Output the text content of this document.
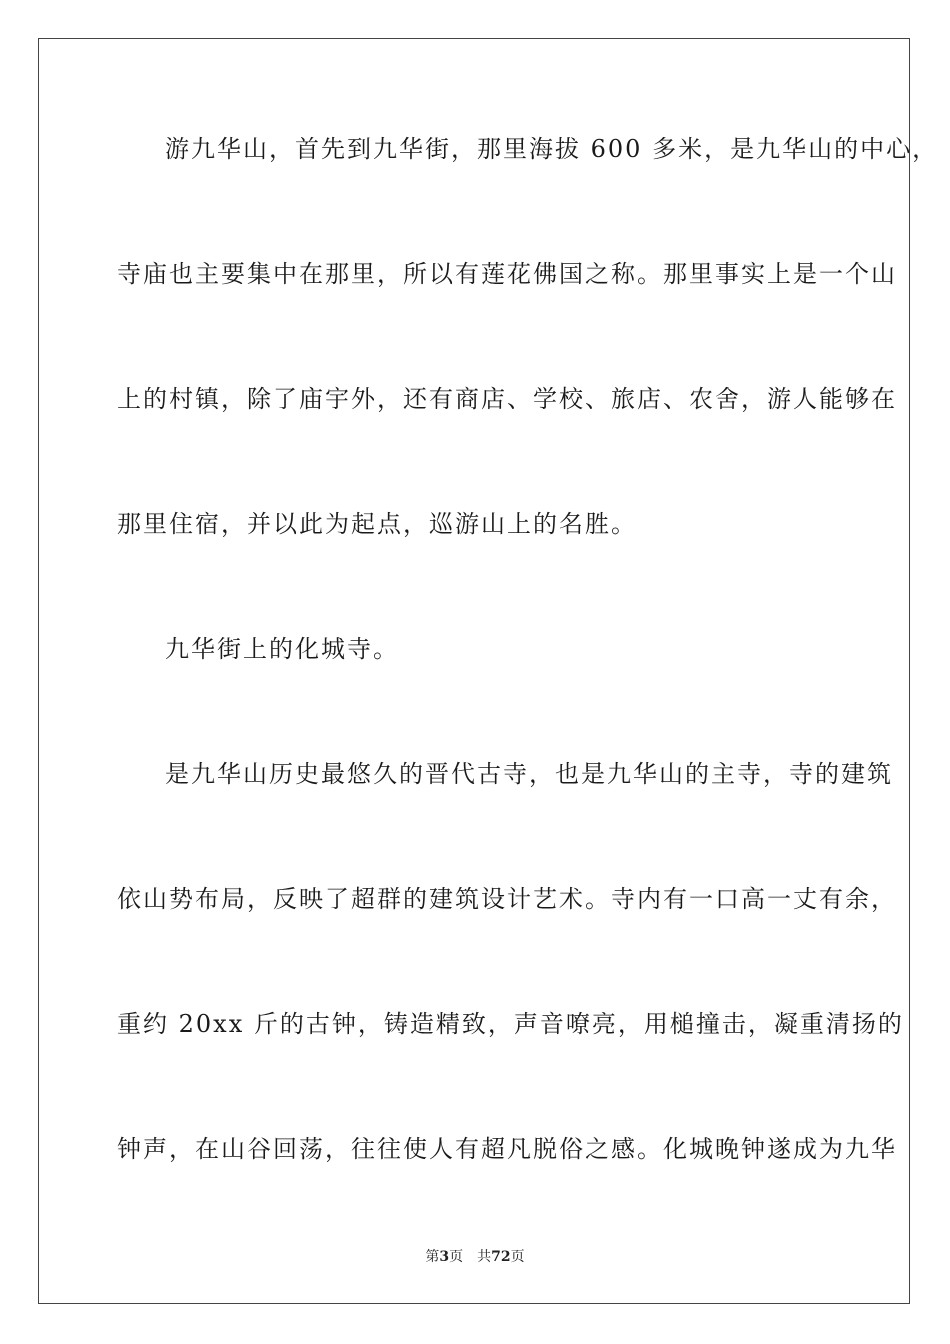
游九华山，首先到九华街，那里海拔 600 多米，是九华山的中心，
寺庙也主要集中在那里，所以有莲花佛国之称。那里事实上是一个山
上的村镇，除了庙宇外，还有商店、学校、旅店、农舍，游人能够在
那里住宿，并以此为起点，巡游山上的名胜。
九华街上的化城寺。
是九华山历史最悠久的晋代古寺，也是九华山的主寺，寺的建筑
依山势布局，反映了超群的建筑设计艺术。寺内有一口高一丈有余，
重约 20xx 斤的古钟，铸造精致，声音嘹亮，用槌撞击，凝重清扬的
钟声，在山谷回荡，往往使人有超凡脱俗之感。化城晚钟遂成为九华
第3页 共72页
